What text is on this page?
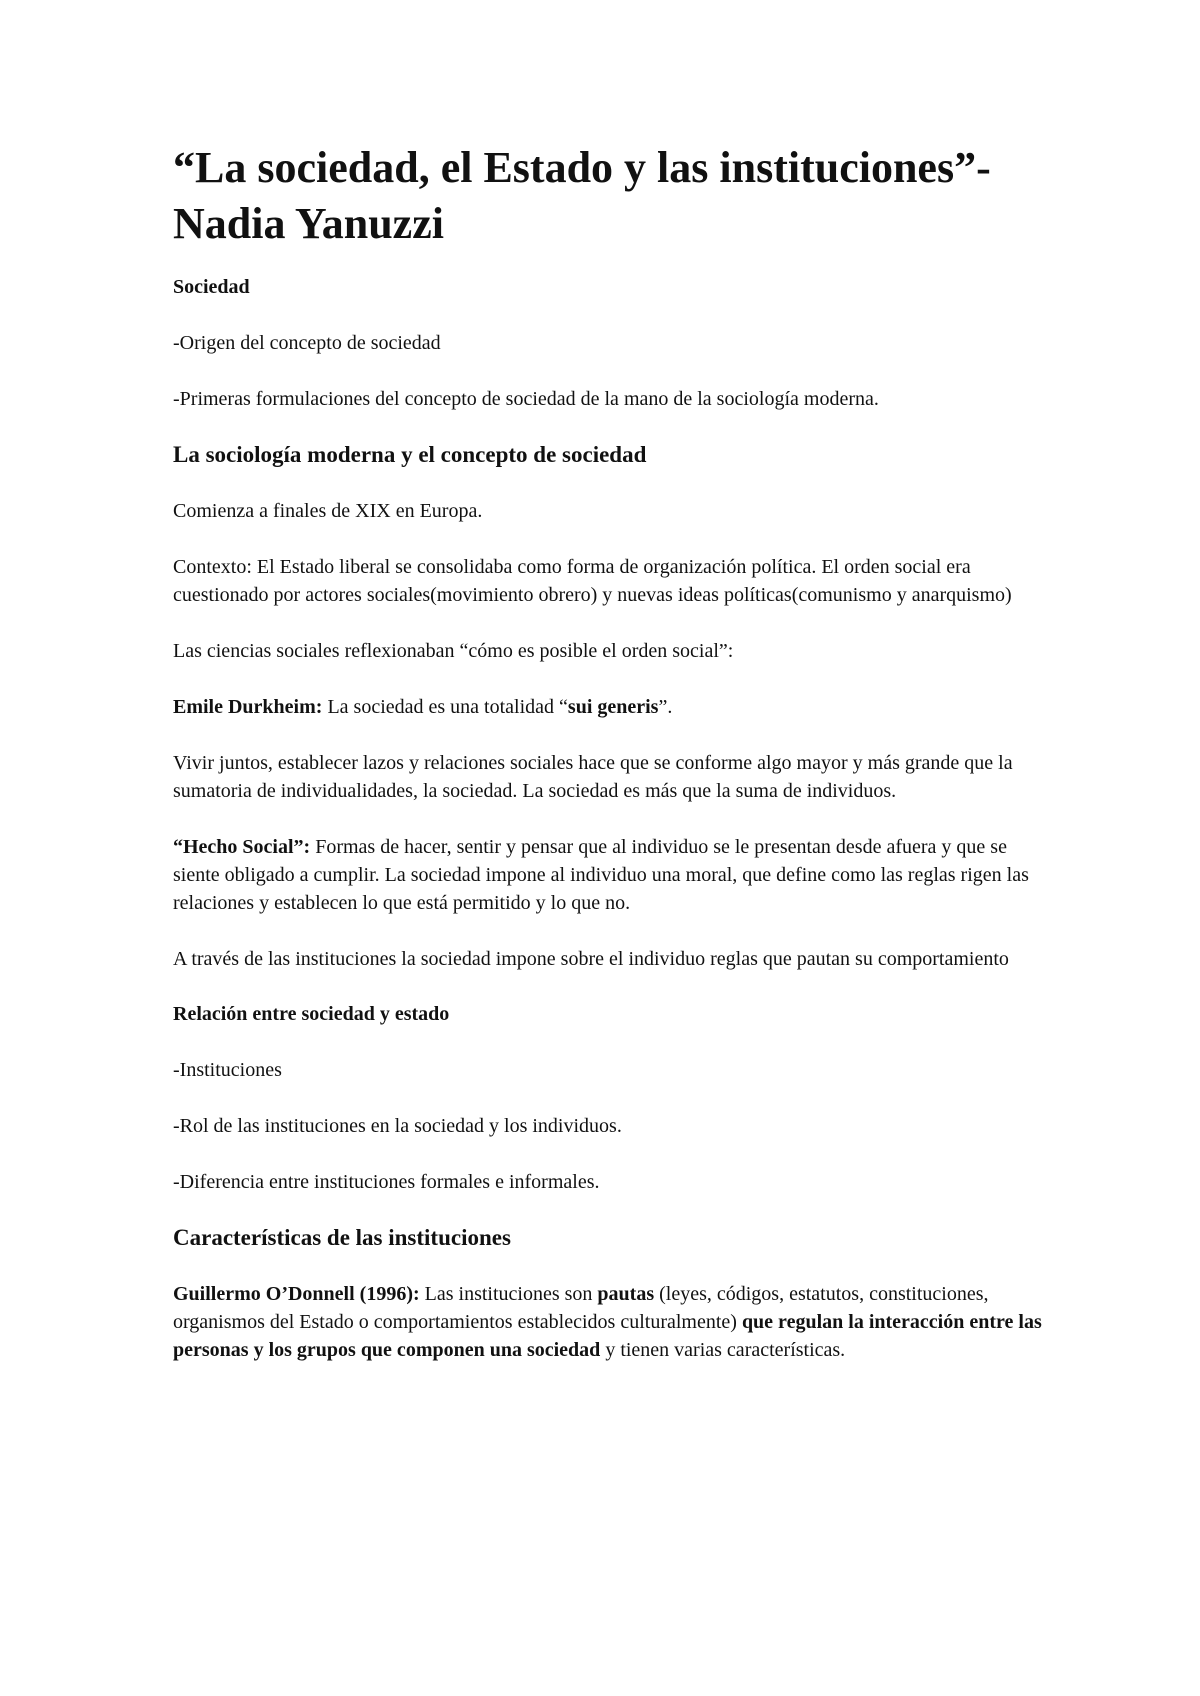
“La sociedad, el Estado y las instituciones”-Nadia Yanuzzi
Sociedad

-Origen del concepto de sociedad

-Primeras formulaciones del concepto de sociedad de la mano de la sociología moderna.

La sociología moderna y el concepto de sociedad

Comienza a finales de XIX en Europa.

Contexto: El Estado liberal se consolidaba como forma de organización política. El orden social era cuestionado por actores sociales(movimiento obrero) y nuevas ideas políticas(comunismo y anarquismo)

Las ciencias sociales reflexionaban “cómo es posible el orden social”:

Emile Durkheim: La sociedad es una totalidad “sui generis”.

Vivir juntos, establecer lazos y relaciones sociales hace que se conforme algo mayor y más grande que la sumatoria de individualidades, la sociedad. La sociedad es más que la suma de individuos.

“Hecho Social”: Formas de hacer, sentir y pensar que al individuo se le presentan desde afuera y que se siente obligado a cumplir. La sociedad impone al individuo una moral, que define como las reglas rigen las relaciones y establecen lo que está permitido y lo que no.

A través de las instituciones la sociedad impone sobre el individuo reglas que pautan su comportamiento

Relación entre sociedad y estado

-Instituciones

-Rol de las instituciones en la sociedad y los individuos.

-Diferencia entre instituciones formales e informales.

Características de las instituciones

Guillermo O’Donnell (1996): Las instituciones son pautas (leyes, códigos, estatutos, constituciones, organismos del Estado o comportamientos establecidos culturalmente) que regulan la interacción entre las personas y los grupos que componen una sociedad y tienen varias características.
